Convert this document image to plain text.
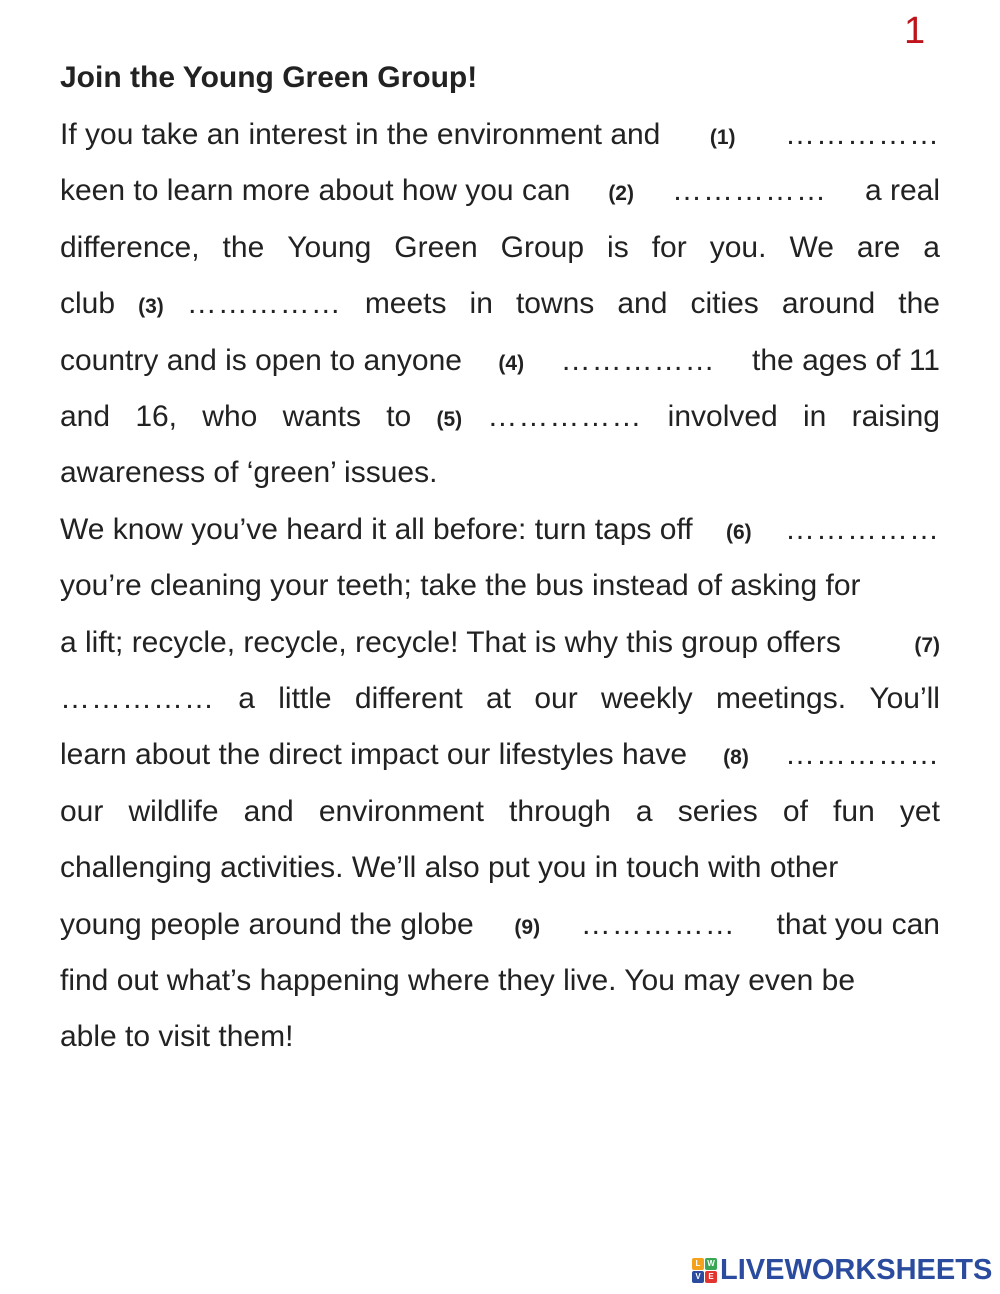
1
Join the Young Green Group!
If you take an interest in the environment and (1)
……………
keen to learn more about how you can (2) ……………	a real
difference, the Young Green Group is for you. We are a
club (3) ……………	meets in towns and cities around the
country and is open to anyone (4) ……………	the ages of 11
and 16, who wants to (5) ……………	involved in raising
awareness of ‘green’ issues.
We know you’ve heard it all before: turn taps off (6)
……………
you’re cleaning your teeth; take the bus instead of asking for
a lift; recycle, recycle, recycle! That is why this group offers	(7)
……………
a little different at our weekly meetings. You’ll
learn about the direct impact our lifestyles have (8)
……………
our wildlife and environment through a series of fun yet
challenging activities. We’ll also put you in touch with other
young people around the globe (9) ……………	that you can
find out what’s happening where they live. You may even be
able to visit them!
L W
V E LIVEWORKSHEETS
